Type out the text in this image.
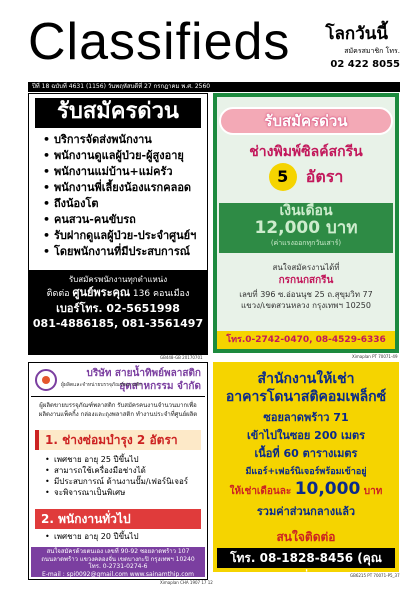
Classifieds โลกวันนี้
สมัครสมาชิก โทร.
02 422 8055
ปีที่ 18 ฉบับที่ 4631 (1156) วันพฤหัสบดีที่ 27 กรกฎาคม พ.ศ. 2560
รับสมัครด่วน
• บริการจัดส่งพนักงาน
• พนักงานดูแลผู้ป่วย-ผู้สูงอายุ
• พนักงานแม่บ้าน+แม่ครัว
• พนักงานพี่เลี้ยงน้องแรกคลอด
• ถึงน้องโต
• คนสวน-คนขับรถ
• รับฝากดูแลผู้ป่วย-ประจำศูนย์ฯ
• โดยพนักงานที่มีประสบการณ์
รับสมัครพนักงานทุกตำแหน่ง
ติดต่อ ศูนย์พระคุณ 136 คอนเมือง
เบอร์โทร. 02-5651998
081-4886185, 081-3561497
GB448-GB 20170701
รับสมัครด่วน
ช่างพิมพ์ซิลค์สกรีน
5 อัตรา
เงินเดือน
12,000 บาท
(ค่าแรงออกทุกวันเสาร์)
สนใจสมัครงานได้ที่
กรกนกสกรีน
เลขที่ 396 ซ.อ่อนนุช 25 ถ.สุขุมวิท 77
แขวง/เขตสวนหลวง กรุงเทพฯ 10250
โทร.0-2742-0470, 08-4529-6336
Ximaplan PT 70071-49
บริษัท สายน้ำทิพย์พลาสติก อุตสาหกรรม จำกัด
ผู้ผลิตและจำหน่ายบรรจุภัณฑ์พลาสติก
ผู้ผลิตขายบรรจุภัณฑ์พลาสติก รับสมัครคนงานจำนวนมากเพื่อผลิตงานแพ็คกิ้ง กล่องและถุงพลาสติก ทำงานประจำที่ศูนย์ผลิต
1. ช่างซ่อมบำรุง 2 อัตรา
• เพศชาย อายุ 25 ปีขึ้นไป
• สามารถใช้เครื่องมือช่างได้
• มีประสบการณ์ ด้านงานปั๊ม/เฟอร์นิเจอร์
• จะพิจารณาเป็นพิเศษ
2. พนักงานทั่วไป
• เพศชาย อายุ 20 ปีขึ้นไป
สนใจสมัครด้วยตนเอง เลขที่ 90-92 ซอยลาดพร้าว 107
ถนนลาดพร้าว แขวงคลองจั่น เขตบางกะปิ กรุงเทพฯ 10240
โทร. 0-2731-0274-6
E-mail : spi0092@gmail.com www.sainamthip.com
Ximaplan CHA 1907 17 12
สำนักงานให้เช่า
อาคารโดนาสติคอมเพล็กซ์
ซอยลาดพร้าว 71
เข้าไปในซอย 200 เมตร
เนื้อที่ 60 ตารางเมตร
มีแอร์+เฟอร์นิเจอร์พร้อมเข้าอยู่
ให้เช่าเดือนละ 10,000 บาท
รวมค่าส่วนกลางแล้ว
สนใจติดต่อ
โทร. 08-1828-8456 (คุณหนึ่ง)	GB6215 PT 70071-P5_37
